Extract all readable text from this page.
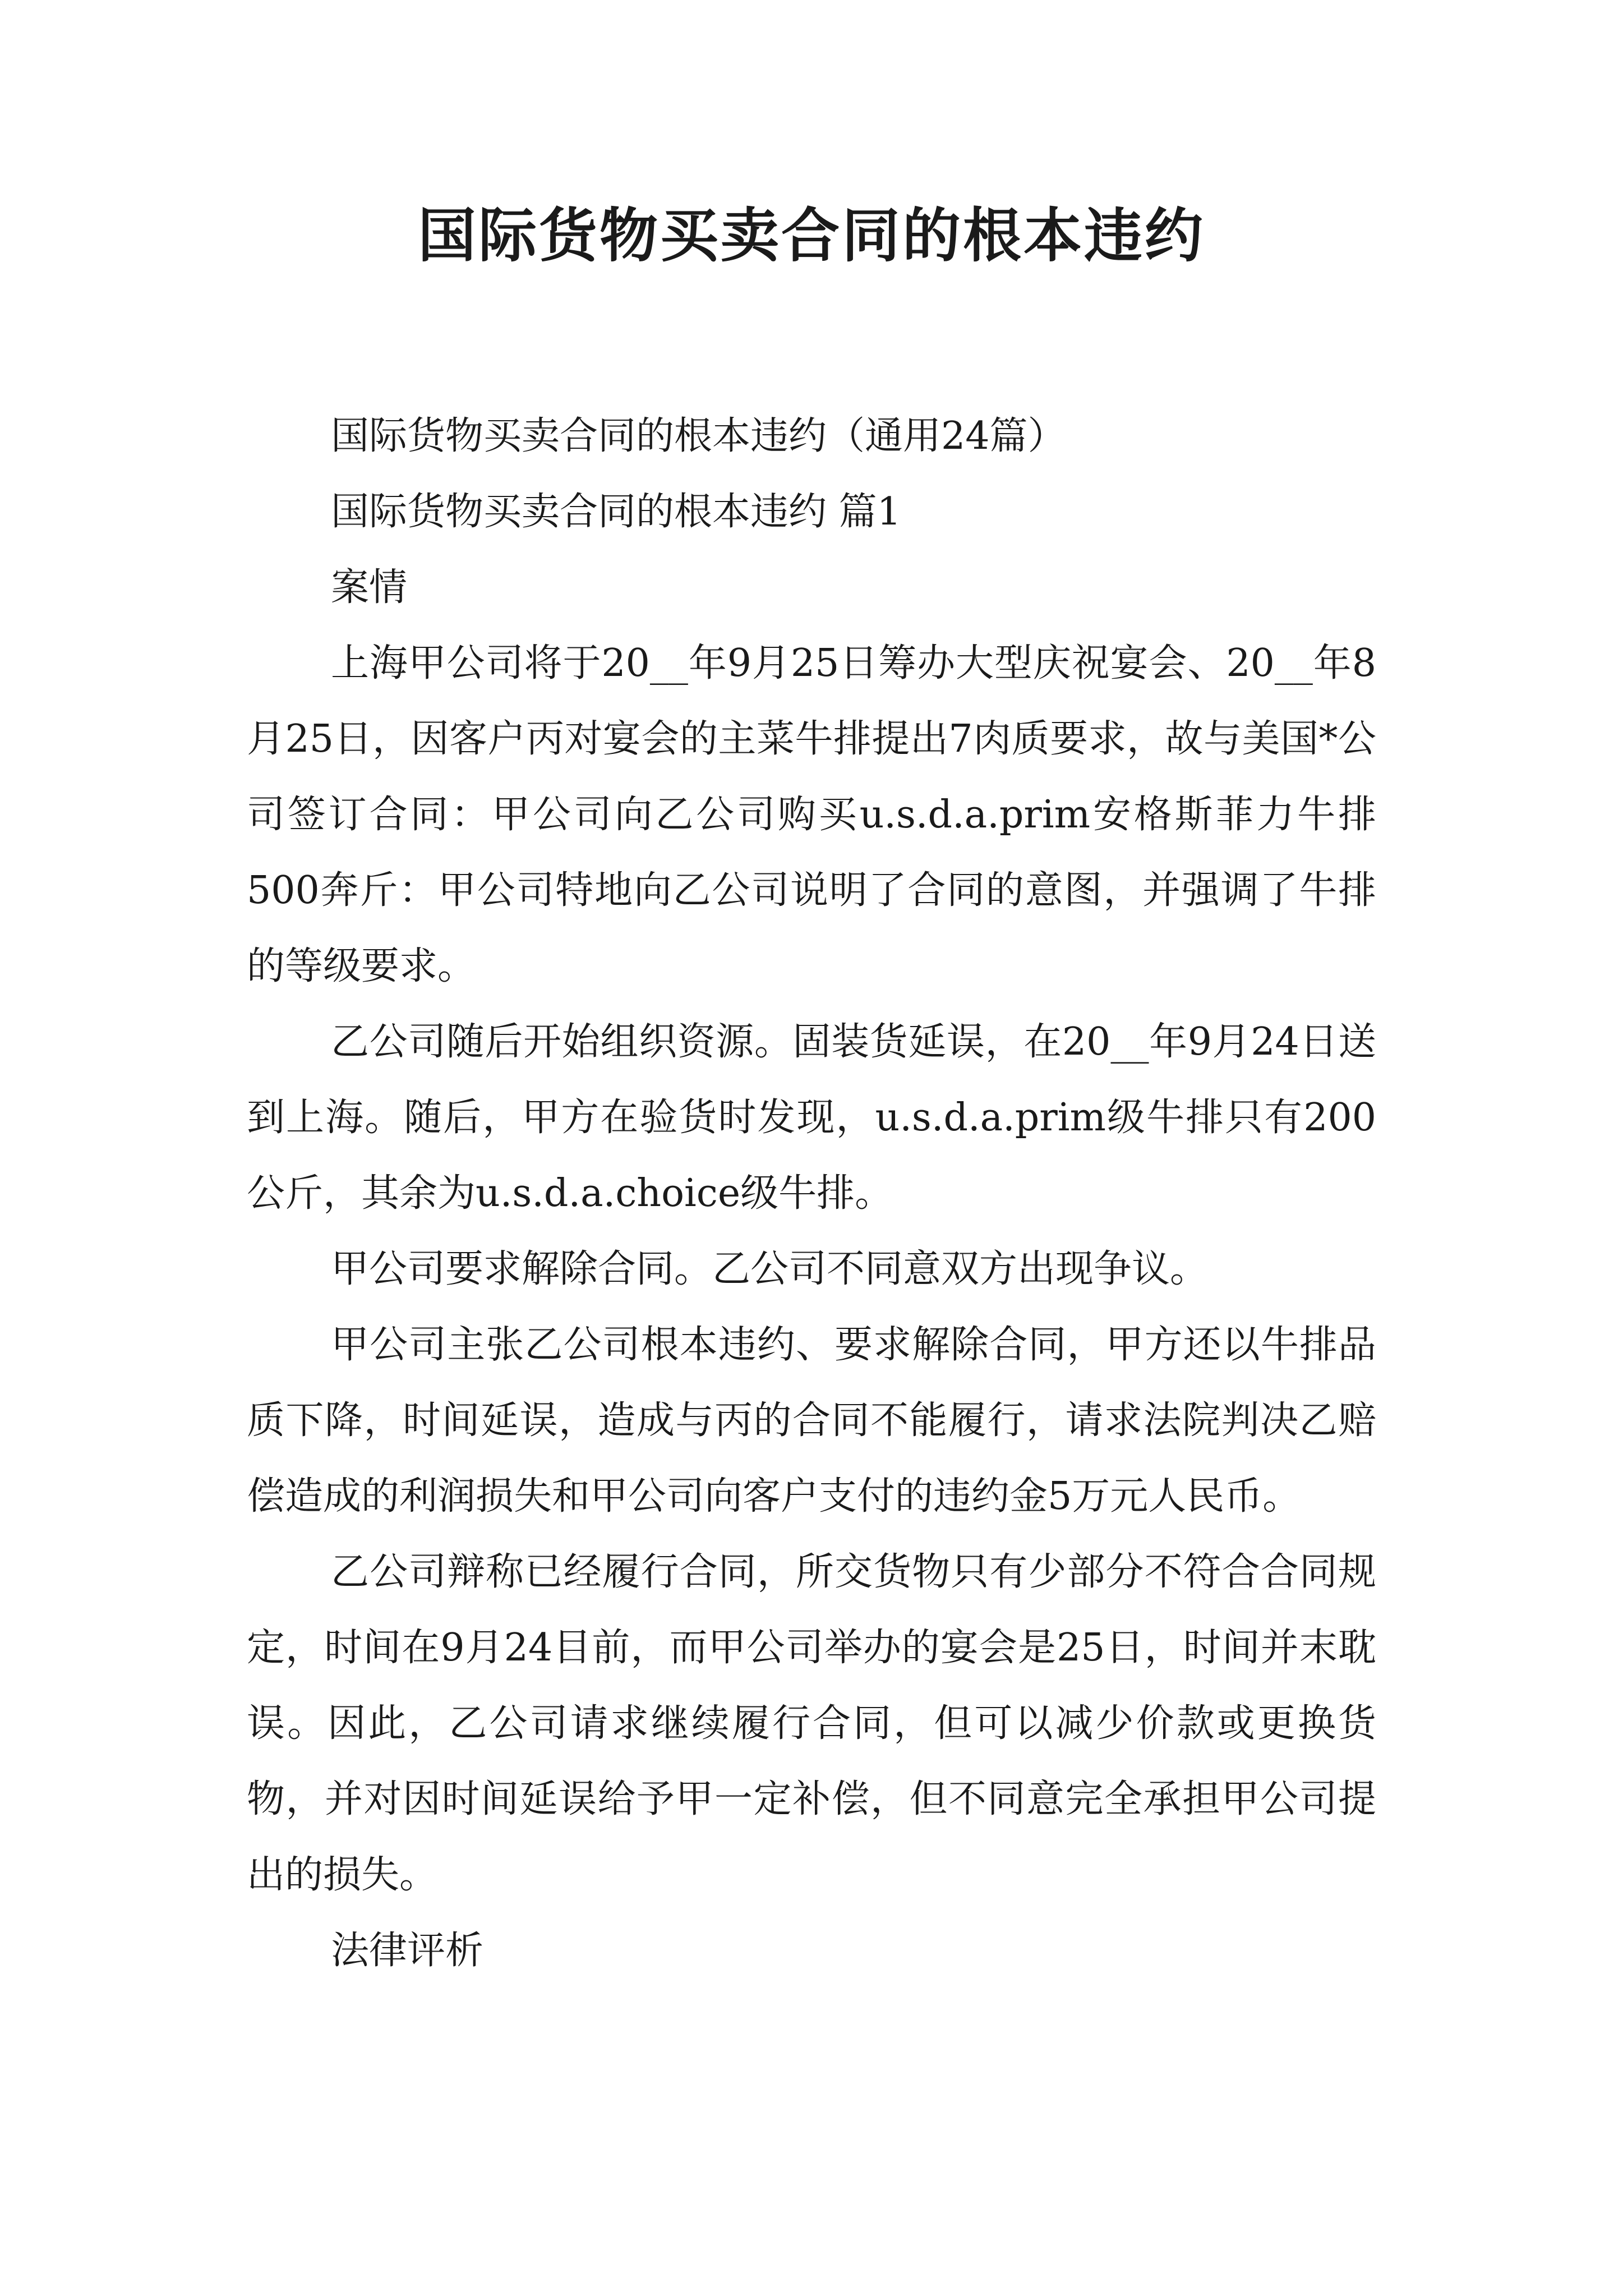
国际货物买卖合同的根本违约

国际货物买卖合同的根本违约（通用24篇）

国际货物买卖合同的根本违约 篇1

案情

上海甲公司将于20__年9月25日筹办大型庆祝宴会、20__年8月25日，因客户丙对宴会的主菜牛排提出7肉质要求，故与美国*公司签订合同：甲公司向乙公司购买u.s.d.a.prim安格斯菲力牛排500奔斤：甲公司特地向乙公司说明了合同的意图，并强调了牛排的等级要求。

乙公司随后开始组织资源。固装货延误，在20__年9月24日送到上海。随后，甲方在验货时发现，u.s.d.a.prim级牛排只有200公斤，其余为u.s.d.a.choice级牛排。

甲公司要求解除合同。乙公司不同意双方出现争议。

甲公司主张乙公司根本违约、要求解除合同，甲方还以牛排品质下降，时间延误，造成与丙的合同不能履行，请求法院判决乙赔偿造成的利润损失和甲公司向客户支付的违约金5万元人民币。

乙公司辩称已经履行合同，所交货物只有少部分不符合合同规定，时间在9月24目前，而甲公司举办的宴会是25日，时间并末耽误。因此，乙公司请求继续履行合同，但可以减少价款或更换货物，并对因时间延误给予甲一定补偿，但不同意完全承担甲公司提出的损失。

法律评析
